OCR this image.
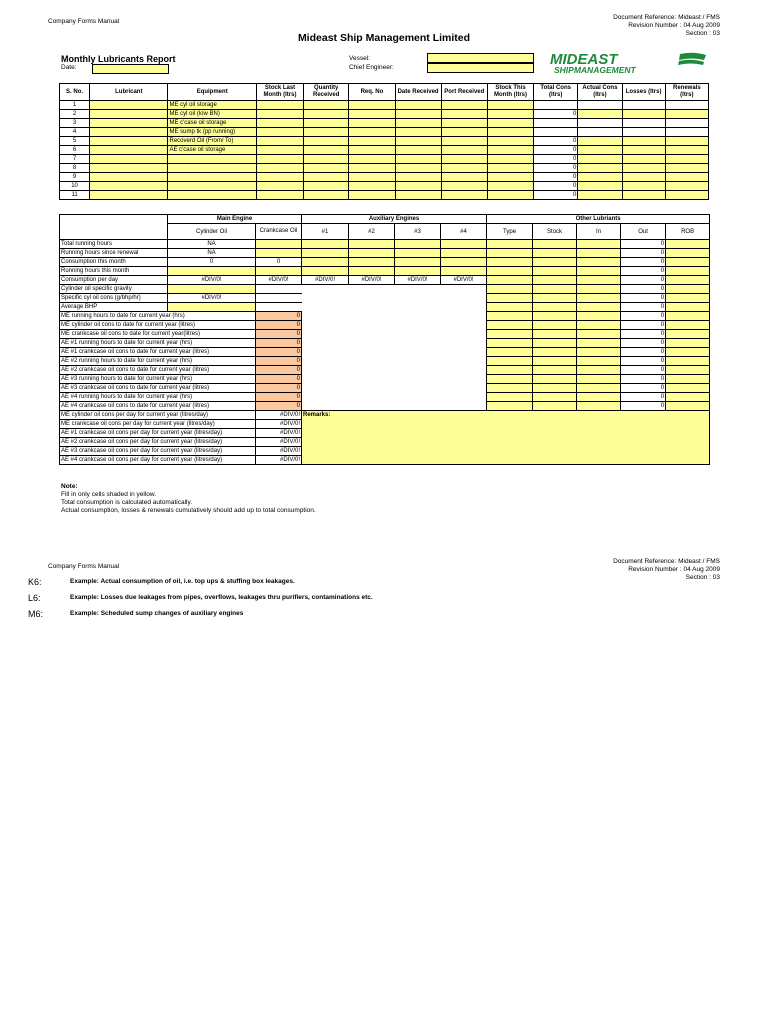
Company Forms Manual
Document Reference: Mideast / FMS
Revision Number : 04 Aug 2009
Section : 03
Mideast Ship Management Limited
Monthly Lubricants Report
Date:
Vessel:
Chief Engineer:	MIDEAST
SHIPMANAGEMENT
S. No.	Lubricant	Equipment	Stock Last Month (ltrs)	Quantity Received	Req. No	Date Received	Port Received	Stock This Month (ltrs)	Total Cons (ltrs)	Actual Cons (ltrs)	Losses (ltrs)	Renewals (ltrs)
1		ME cyl oil storage										
2		ME cyl oil (low BN)							0			
3		ME c'case oil storage										
4		ME sump tk (pp running)										
5		Recoverd Oil (From/ To)							0			
6		AE c'case oil storage							0			
7									0			
8									0			
9									0			
10									0			
11									0			
	Main Engine		Auxiliary Engines				Other Lubriants				
	Cylinder Oil	Crankcase Oil	#1	#2	#3	#4	Type	Stock	In	Out	ROB
Total running hours	NA									0	
Running hours since renewal	NA									0	
Consumption this month	0	0								0	
Running hours this month										0	
Consumption per day	#DIV/0!	#DIV/0!	#DIV/0!	#DIV/0!	#DIV/0!	#DIV/0!				0	
Cylinder oil specific gravity										0	
Specific cyl oil cons (g/bhp/hr)	#DIV/0!									0	
Average BHP										0	
ME running hours to date for current year (hrs)		0								0	
ME cylinder oil cons to date for current year (litres)		0								0	
ME crankcase oil cons to date for current year(litres)		0								0	
AE #1 running hours to date for current year (hrs)		0								0	
AE #1 crankcase oil cons to date for current year (litres)		0								0	
AE #2 running hours to date for current year (hrs)		0								0	
AE #2 crankcase oil cons to date for current year (litres)		0								0	
AE #3 running hours to date for current year (hrs)		0								0	
AE #3 crankcase oil cons to date for current year (litres)		0								0	
AE #4 running hours to date for current year (hrs)		0								0	
AE #4 crankcase oil cons to date for current year (litres)		0								0	
ME cylinder oil cons per day for current year (litres/day)		#DIV/0!	Remarks:								
ME crankcase oil cons per day for current year (litres/day)		#DIV/0!									
AE #1 crankcase oil cons per day for current year (litres/day)		#DIV/0!									
AE #2 crankcase oil cons per day for current year (litres/day)		#DIV/0!									
AE #3 crankcase oil cons per day for current year (litres/day)		#DIV/0!									
AE #4 crankcase oil cons per day for current year (litres/day)		#DIV/0!									
Note:
Fill in only cells shaded in yellow.
Total consumption is calculated automatically.
Actual consumption, losses & renewals cumulatively should add up to total consumption.
Company Forms Manual
Document Reference: Mideast / FMS
Revision Number : 04 Aug 2009
Section : 03
K6:	Example: Actual consumption of oil, i.e. top ups & stuffing box leakages.
L6:	Example: Losses due leakages from pipes, overflows, leakages thru purifiers, contaminations etc.
M6:	Example: Scheduled sump changes of auxiliary engines
